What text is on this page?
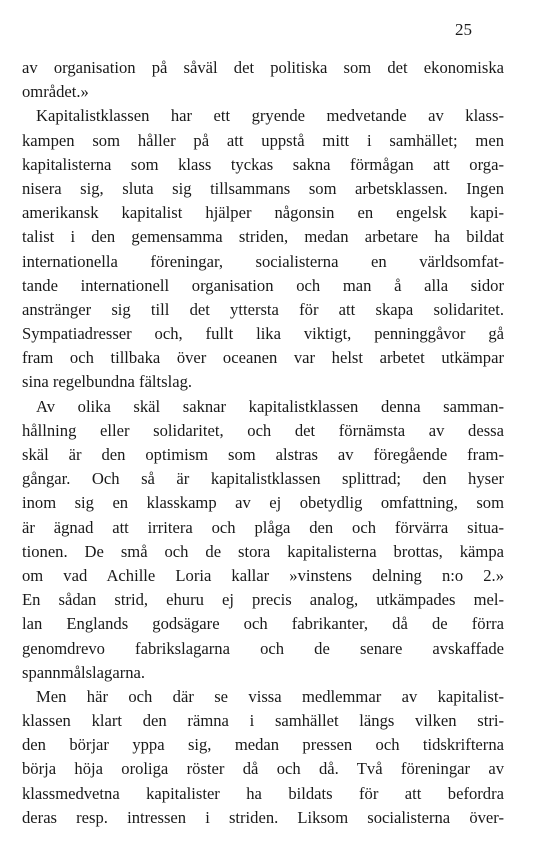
25
av organisation på såväl det politiska som det ekonomiska
området.»
Kapitalistklassen har ett gryende medvetande av klass-
kampen som håller på att uppstå mitt i samhället; men
kapitalisterna som klass tyckas sakna förmågan att orga-
nisera sig, sluta sig tillsammans som arbetsklassen. Ingen
amerikansk kapitalist hjälper någonsin en engelsk kapi-
talist i den gemensamma striden, medan arbetare ha bildat
internationella föreningar, socialisterna en världsomfat-
tande internationell organisation och man å alla sidor
anstränger sig till det yttersta för att skapa solidaritet.
Sympatiadresser och, fullt lika viktigt, penninggåvor gå
fram och tillbaka över oceanen var helst arbetet utkämpar
sina regelbundna fältslag.
Av olika skäl saknar kapitalistklassen denna samman-
hållning eller solidaritet, och det förnämsta av dessa
skäl är den optimism som alstras av föregående fram-
gångar. Och så är kapitalistklassen splittrad; den hyser
inom sig en klasskamp av ej obetydlig omfattning, som
är ägnad att irritera och plåga den och förvärra situa-
tionen. De små och de stora kapitalisterna brottas, kämpa
om vad Achille Loria kallar »vinstens delning n:o 2.»
En sådan strid, ehuru ej precis analog, utkämpades mel-
lan Englands godsägare och fabrikanter, då de förra
genomdrevo fabrikslagarna och de senare avskaffade
spannmålslagarna.
Men här och där se vissa medlemmar av kapitalist-
klassen klart den rämna i samhället längs vilken stri-
den börjar yppa sig, medan pressen och tidskrifterna
börja höja oroliga röster då och då. Två föreningar av
klassmedvetna kapitalister ha bildats för att befordra
deras resp. intressen i striden. Liksom socialisterna över-
